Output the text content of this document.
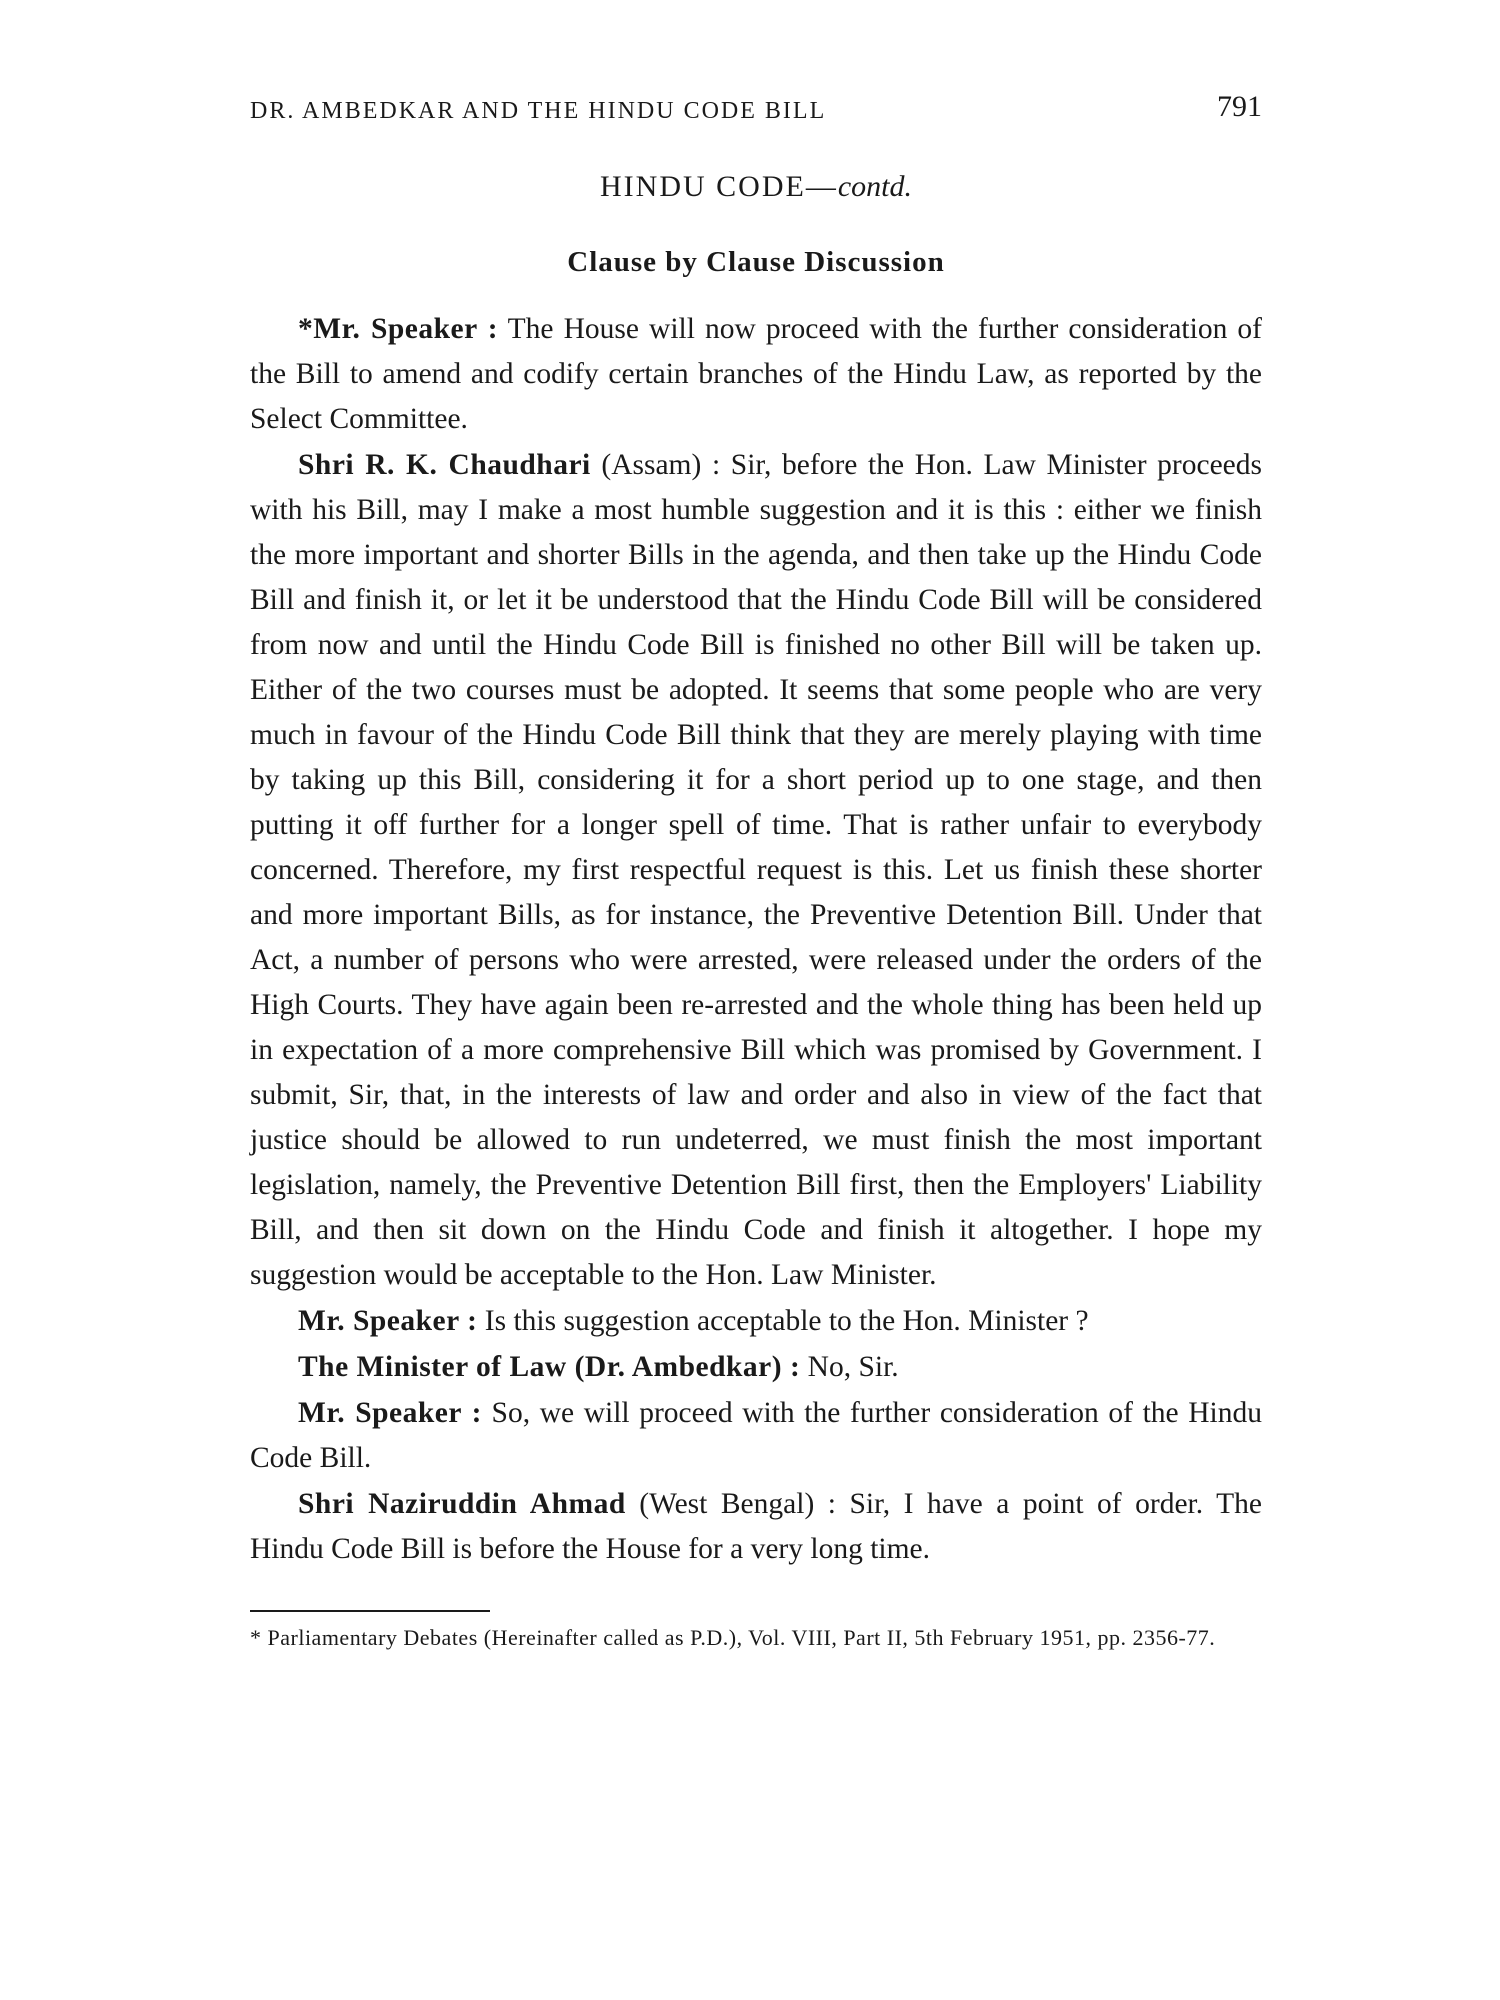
DR. AMBEDKAR AND THE HINDU CODE BILL	791
HINDU CODE—contd.
Clause by Clause Discussion

*Mr. Speaker : The House will now proceed with the further consideration of the Bill to amend and codify certain branches of the Hindu Law, as reported by the Select Committee.

Shri R. K. Chaudhari (Assam) : Sir, before the Hon. Law Minister proceeds with his Bill, may I make a most humble suggestion and it is this : either we finish the more important and shorter Bills in the agenda, and then take up the Hindu Code Bill and finish it, or let it be understood that the Hindu Code Bill will be considered from now and until the Hindu Code Bill is finished no other Bill will be taken up. Either of the two courses must be adopted. It seems that some people who are very much in favour of the Hindu Code Bill think that they are merely playing with time by taking up this Bill, considering it for a short period up to one stage, and then putting it off further for a longer spell of time. That is rather unfair to everybody concerned. Therefore, my first respectful request is this. Let us finish these shorter and more important Bills, as for instance, the Preventive Detention Bill. Under that Act, a number of persons who were arrested, were released under the orders of the High Courts. They have again been re-arrested and the whole thing has been held up in expectation of a more comprehensive Bill which was promised by Government. I submit, Sir, that, in the interests of law and order and also in view of the fact that justice should be allowed to run undeterred, we must finish the most important legislation, namely, the Preventive Detention Bill first, then the Employers' Liability Bill, and then sit down on the Hindu Code and finish it altogether. I hope my suggestion would be acceptable to the Hon. Law Minister.

Mr. Speaker : Is this suggestion acceptable to the Hon. Minister ?

The Minister of Law (Dr. Ambedkar) : No, Sir.

Mr. Speaker : So, we will proceed with the further consideration of the Hindu Code Bill.

Shri Naziruddin Ahmad (West Bengal) : Sir, I have a point of order. The Hindu Code Bill is before the House for a very long time.

* Parliamentary Debates (Hereinafter called as P.D.), Vol. VIII, Part II, 5th February 1951, pp. 2356-77.
